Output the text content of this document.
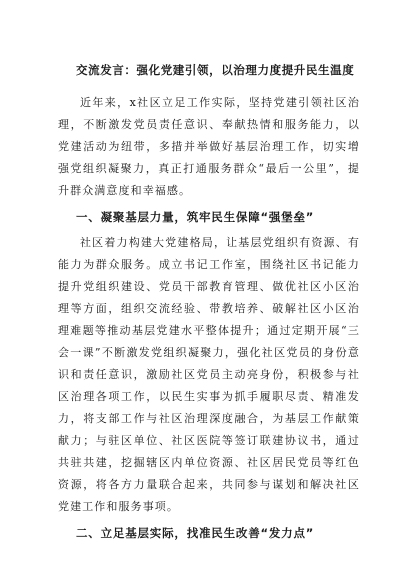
交流发言：强化党建引领，以治理力度提升民生温度

近年来，x社区立足工作实际，坚持党建引领社区治理，不断激发党员责任意识、奉献热情和服务能力，以党建活动为纽带，多措并举做好基层治理工作，切实增强党组织凝聚力，真正打通服务群众“最后一公里”，提升群众满意度和幸福感。

一、凝聚基层力量，筑牢民生保障“强堡垒”

社区着力构建大党建格局，让基层党组织有资源、有能力为群众服务。成立书记工作室，围绕社区书记能力提升党组织建设、党员干部教育管理、做优社区小区治理等方面，组织交流经验、带教培养、破解社区小区治理难题等推动基层党建水平整体提升；通过定期开展“三会一课”不断激发党组织凝聚力，强化社区党员的身份意识和责任意识，激励社区党员主动亮身份，积极参与社区治理各项工作，以民生实事为抓手履职尽责、精准发力，将支部工作与社区治理深度融合，为基层工作献策献力；与驻区单位、社区医院等签订联建协议书，通过共驻共建，挖掘辖区内单位资源、社区居民党员等红色资源，将各方力量联合起来，共同参与谋划和解决社区党建工作和服务事项。

二、立足基层实际，找准民生改善“发力点”
